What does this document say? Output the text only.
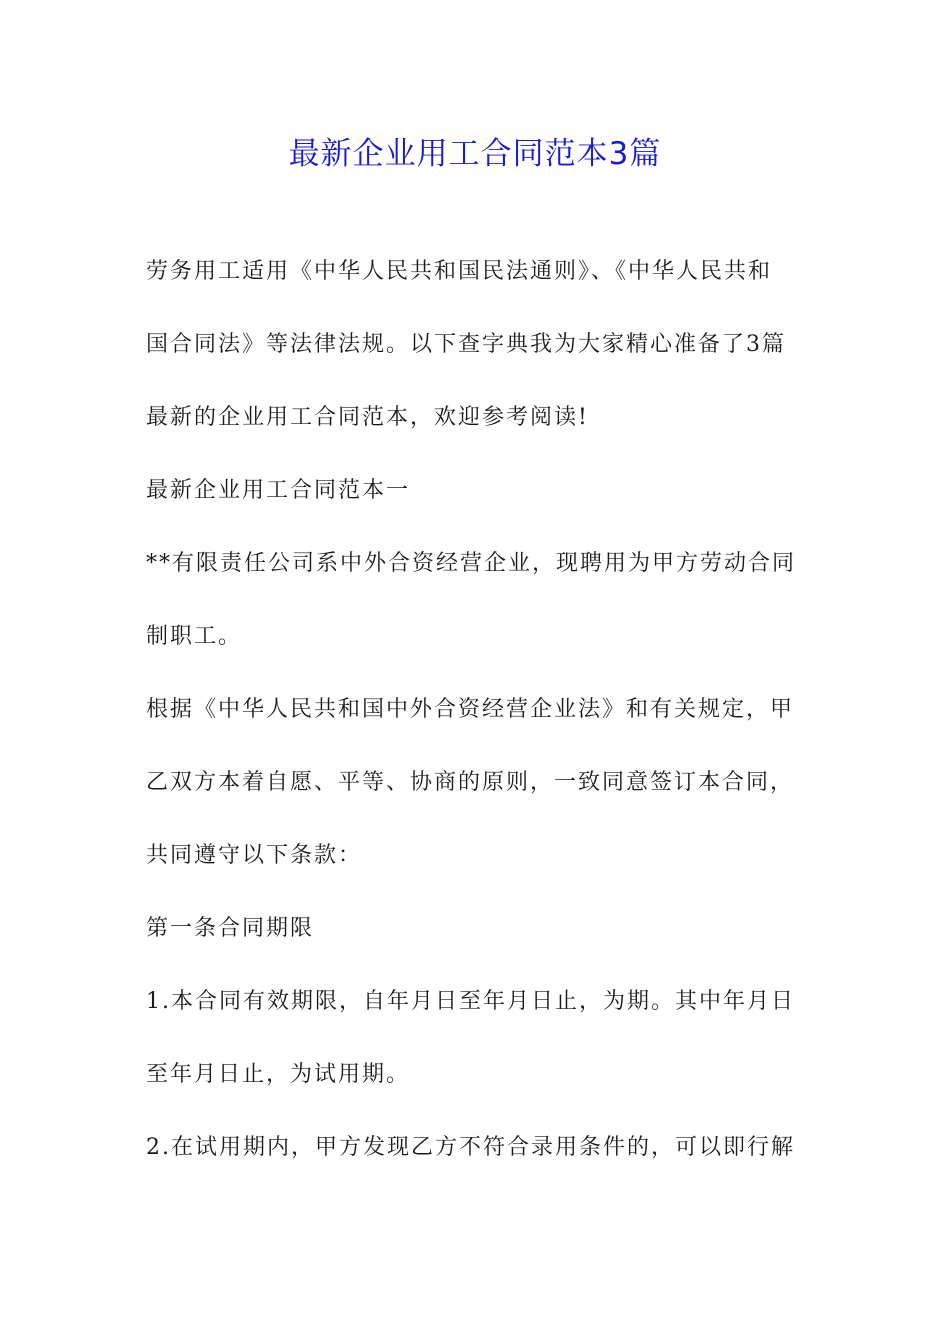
最新企业用工合同范本3篇
劳务用工适用《中华人民共和国民法通则》、《中华人民共和
国合同法》等法律法规。以下查字典我为大家精心准备了3篇
最新的企业用工合同范本，欢迎参考阅读!
最新企业用工合同范本一
**有限责任公司系中外合资经营企业，现聘用为甲方劳动合同
制职工。
根据《中华人民共和国中外合资经营企业法》和有关规定，甲
乙双方本着自愿、平等、协商的原则，一致同意签订本合同，
共同遵守以下条款：
第一条合同期限
1.本合同有效期限，自年月日至年月日止，为期。其中年月日
至年月日止，为试用期。
2.在试用期内，甲方发现乙方不符合录用条件的，可以即行解
